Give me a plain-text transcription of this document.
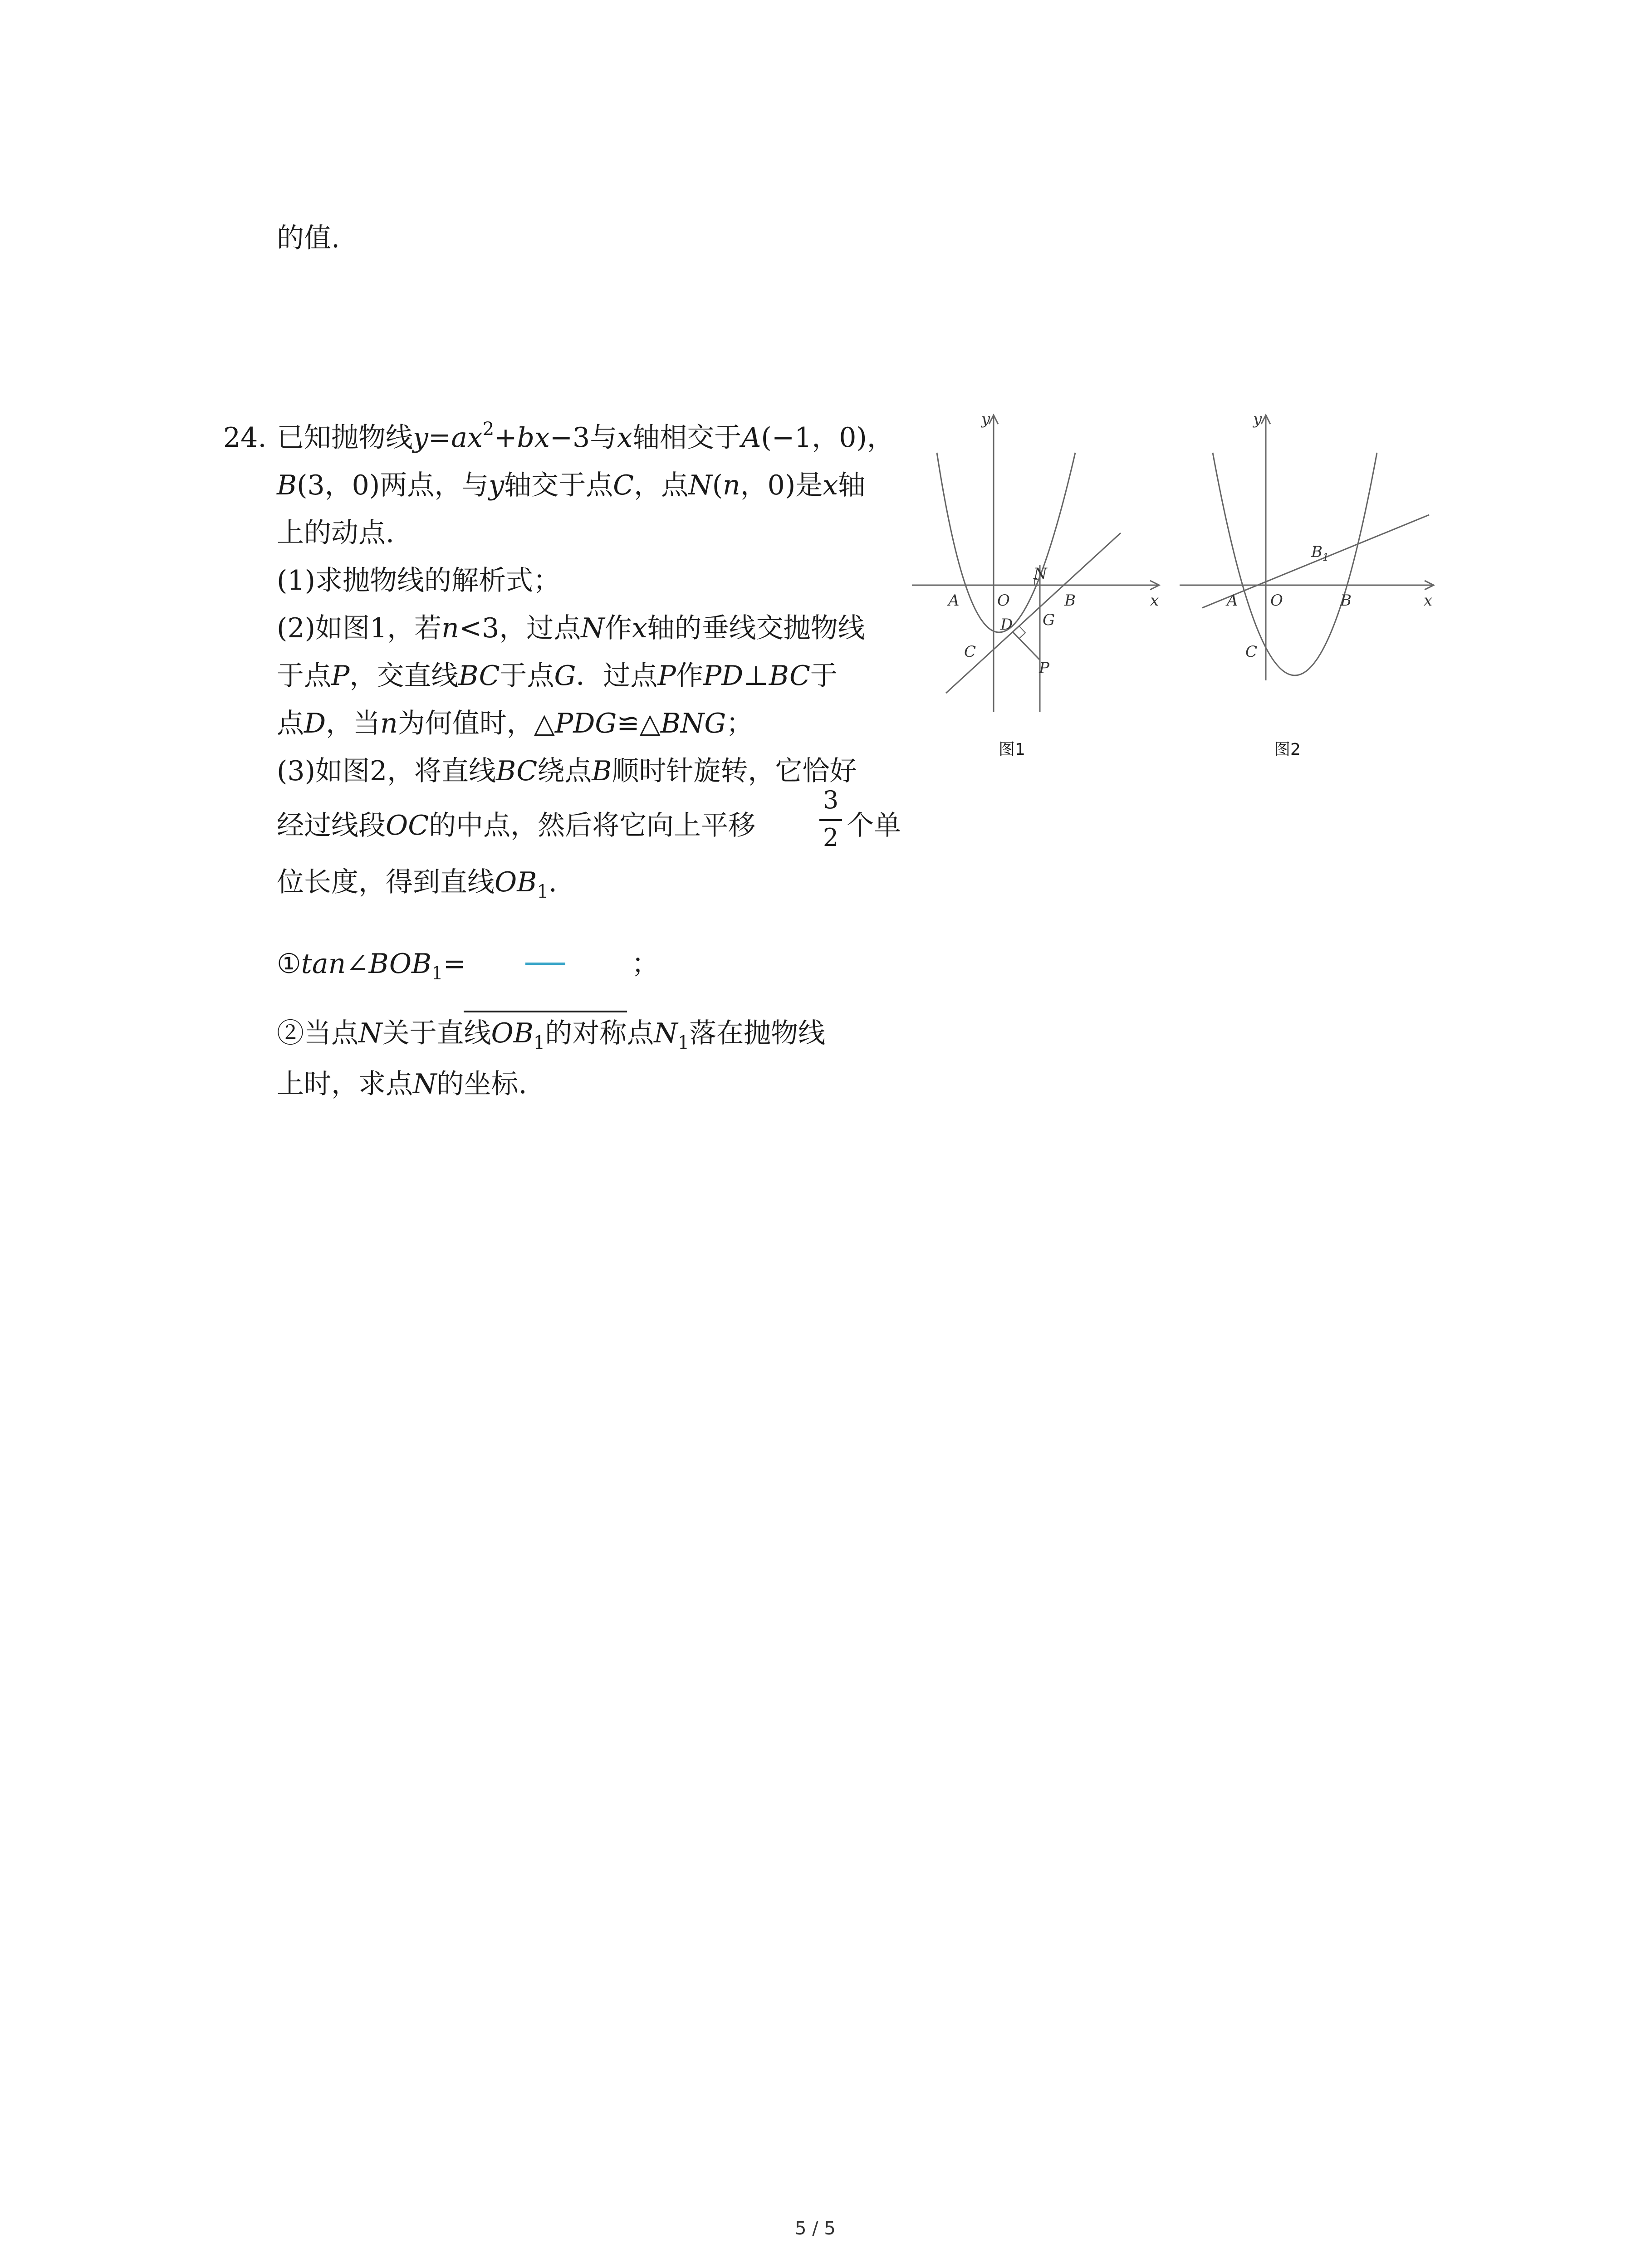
的值.
24. 已知抛物线$y=ax^2+bx-3$与x轴相交于A(−1，0)，
B(3，0)两点，与y轴交于点C，点N(n，0)是x轴
上的动点.
(1)求抛物线的解析式；
(2)如图1，若n<3，过点N作x轴的垂线交抛物线
于点P，交直线BC于点G．过点P作PD⊥BC于
点D，当n为何值时，△PDG≌△BNG；
(3)如图2，将直线BC绕点B顺时针旋转，它恰好
经过线段OC的中点，然后将它向上平移
3
2 个单
位长度，得到直线$OB_1$.
$①\tan\angle BOB_1=$	；
②当点N关于直线$OB_1$的对称点$N_1$落在抛物线
上时，求点N的坐标.
y
x
A O	B
N
D G
C
P
图1
y
x
A O	B
$B_1$
C
图2
5 / 5
